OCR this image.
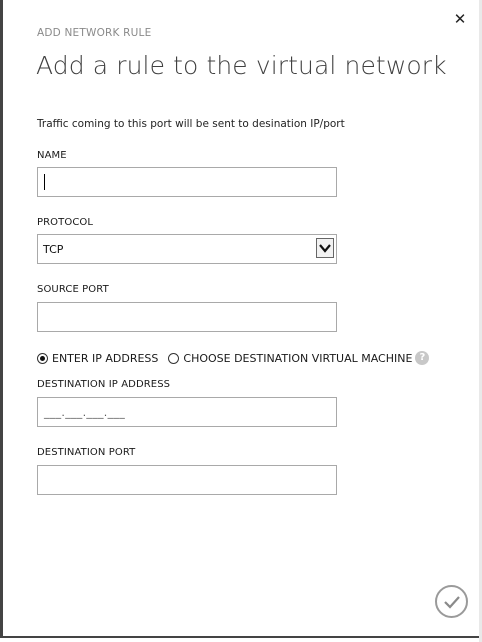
✕
ADD NETWORK RULE
Add a rule to the virtual network
Traffic coming to this port will be sent to desination IP/port
NAME
PROTOCOL
TCP
SOURCE PORT
ENTER IP ADDRESS CHOOSE DESTINATION VIRTUAL MACHINE ?
DESTINATION IP ADDRESS
___.___.___.___
DESTINATION PORT
